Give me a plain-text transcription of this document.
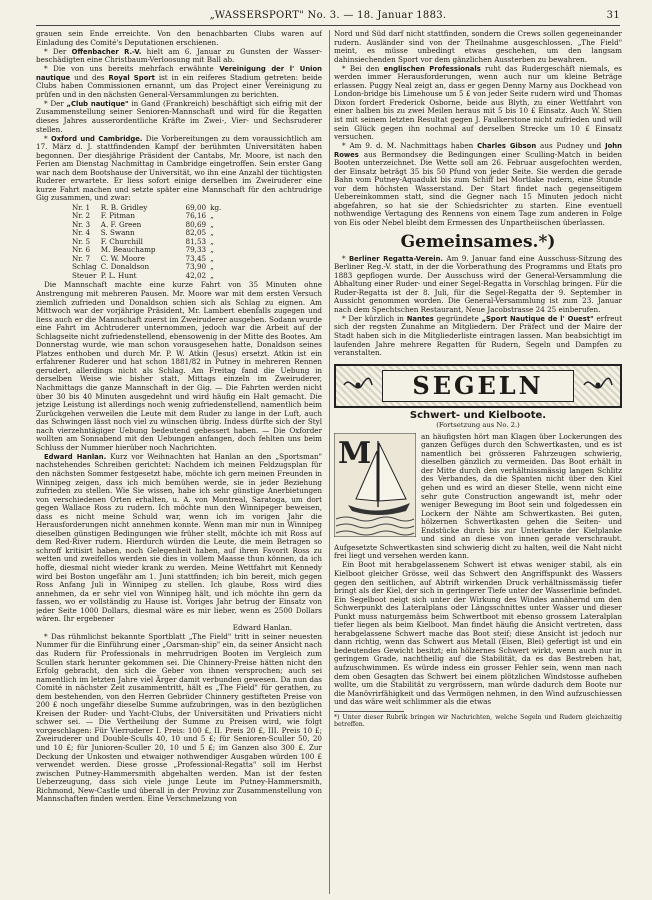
„WASSERSPORT" No. 3. — 18. Januar 1883.	31

grauen sein Ende erreichte. Von den benachbarten Clubs waren auf Einladung des Comité's Deputationen erschienen.

* Der Offenbacher R.-V. hielt am 6. Januar zu Gunsten der Wasser-beschädigten eine Christbaum-Verloosung mit Ball ab.

* Die von uns bereits mehrfach erwähnte Vereinigung der l' Union nautique und des Royal Sport ist in ein reiferes Stadium getreten: beide Clubs haben Commissionen ernannt, um das Project einer Vereinigung zu prüfen und in den nächsten General-Versammlungen zu berichten.

* Der „Club nautique" in Gand (Frankreich) beschäftigt sich eifrig mit der Zusammenstellung seiner Senioren-Mannschaft und wird für die Regatten dieses Jahres ausserordentliche Kräfte im Zwei-, Vier- und Sechsruderer stellen.

* Oxford und Cambridge. Die Vorbereitungen zu dem voraussichtlich am 17. März d. J. stattfindenden Kampf der berühmten Universitäten haben begonnen. Der diesjährige Präsident der Cantabs, Mr. Moore, ist nach den Ferien am Dienstag Nachmittag in Cambridge eingetroffen. Sein erster Gang war nach dem Bootshause der Universität, wo ihn eine Anzahl der tüchtigsten Ruderer erwartete. Er liess sofort einige derselben im Zweiruderer eine kurze Fahrt machen und setzte später eine Mannschaft für den achtrudrige Gig zusammen, und zwar:

Nr. 1	R. B. Gridley	69,00	kg.
Nr. 2	F. Pitman	76,16	„
Nr. 3	A. F. Green	80,69	„
Nr. 4	S. Swann	82,05	„
Nr. 5	F. Churchill	81,53	„
Nr. 6	M. Beauchamp	79,33	„
Nr. 7	C. W. Moore	73,45	„
Schlag	C. Donaldson	73,90	„
Steuer	P. L. Hunt	42,02	„

Die Mannschaft machte eine kurze Fahrt von 35 Minuten ohne Anstrengung mit mehreren Pausen. Mr. Moore war mit dem ersten Versuch ziemlich zufrieden und Donaldson schien sich als Schlag zu eignen. Am Mittwoch war der vorjährige Präsident, Mr. Lambert ebenfalls zugegen und liess auch er die Mannschaft zuerst im Zweiruderer ausgeben. Sodann wurde eine Fahrt im Achtruderer unternommen, jedoch war die Arbeit auf der Schlagseite nicht zufriedenstellend, ebensowenig in der Mitte des Bootes. Am Donnerstag wurde, wie man schon vorausgesehen hatte, Donaldson seines Platzes enthoben und durch Mr. P. W. Atkin (Jesus) ersetzt. Atkin ist ein erfahrener Ruderer und hat schon 1881/82 in Putney in mehreren Rennen gerudert, allerdings nicht als Schlag. Am Freitag fand die Uebung in derselben Weise wie bisher statt, Mittags einzeln im Zweiruderer, Nachmittags die ganze Mannschaft in der Gig. — Die Fahrten werden nicht über 30 bis 40 Minuten ausgedehnt und wird häufig ein Halt gemacht. Die jetzige Leistung ist allerdings noch wenig zufriedenstellend, namentlich beim Zurückgehen verweilen die Leute mit dem Ruder zu lange in der Luft, auch das Schwingen lässt noch viel zu wünschen übrig. Indess dürfte sich der Styl nach vierzehntägiger Uebung bedeutend gebessert haben. — Die Oxforder wollten am Sonnabend mit den Uebungen anfangen, doch fehlten uns beim Schluss der Nummer hierüber noch Nachrichten.

Edward Hanlan. Kurz vor Weihnachten hat Hanlan an den „Sportsman" nachstehendes Schreiben gerichtet: Nachdem ich meinen Feldzugsplan für den nächsten Sommer festgesetzt habe, möchte ich gern meinen Freunden in Winnipeg zeigen, dass ich mich bemühen werde, sie in jeder Beziehung zufrieden zu stellen. Wie Sie wissen, habe ich sehr günstige Anerbietungen von verschiedenen Orten erhalten, u. A. von Montreal, Saratoga, um dort gegen Wallace Ross zu rudern. Ich möchte nun den Winnipeger beweisen, dass es nicht meine Schuld war, wenn ich im vorigen Jahr die Herausforderungen nicht annehmen konnte. Wenn man mir nun in Winnipeg dieselben günstigen Bedingungen wie früher stellt, möchte ich mit Ross auf dem Red-River rudern. Hierdurch würden die Leute, die mein Betragen so schroff kritisirt haben, noch Gelegenheit haben, auf ihren Favorit Ross zu wetten und zweifellos werden sie dies in vollem Maasse thun können, da ich hoffe, diesmal nicht wieder krank zu werden. Meine Wettfahrt mit Kennedy wird bei Boston ungefähr am 1. Juni stattfinden; ich bin bereit, mich gegen Ross Anfang Juli in Winnipeg zu stellen. Ich glaube, Ross wird dies annehmen, da er sehr viel von Winnipeg hält, und ich möchte ihn gern da fassen, wo er vollständig zu Hause ist. Voriges Jahr betrug der Einsatz von jeder Seite 1000 Dollars, diesmal wäre es mir lieber, wenn es 2500 Dollars wären. Ihr ergebener

Edward Hanlan.

* Das rühmlichst bekannte Sportblatt „The Field" tritt in seiner neuesten Nummer für die Einführung einer „Oarsman-ship" ein, da seiner Ansicht nach das Rudern für Professionals in mehrrudrigen Booten im Vergleich zum Scullen stark herunter gekommen sei. Die Chinnery-Preise hätten nicht den Erfolg gebracht, den sich die Geber von ihnen versprochen; auch sei namentlich im letzten Jahre viel Ärger damit verbunden gewesen. Da nun das Comité in nächster Zeit zusammentritt, hält es „The Field" für gerathen, zu dem bestehenden, von den Herren Gebrüder Chinnery gestifteten Preise von 200 £ noch ungefähr dieselbe Summe aufzubringen, was in den bezüglichen Kreisen der Ruder- und Yacht-Clubs, der Universitäten und Privatiers nicht schwer sei. — Die Vertheilung der Summe zu Preisen wird, wie folgt vorgeschlagen: Für Vierruderer I. Preis: 100 £, II. Preis 20 £, III. Preis 10 £; Zweiruderer und Double-Sculls 40, 10 und 5 £; für Senioren-Sculler 50, 20 und 10 £; für Junioren-Sculler 20, 10 und 5 £; im Ganzen also 300 £. Zur Deckung der Unkosten und etwaiger nothwendiger Ausgaben würden 100 £ verwendet werden. Diese grosse „Professional-Regatta" soll im Herbst zwischen Putney-Hammersmith abgehalten werden. Man ist der festen Ueberzeugung, dass sich viele junge Leute im Putney-Hammersmith, Richmond, New-Castle und überall in der Provinz zur Zusammenstellung von Mannschaften finden werden. Eine Verschmelzung von

Nord und Süd darf nicht stattfinden, sondern die Crews sollen gegeneinander rudern. Ausländer sind von der Theilnahme ausgeschlossen. „The Field" meint, es müsse unbedingt etwas geschehen, um den langsam dahinsiechenden Sport vor dem gänzlichen Aussterben zu bewahren.

* Bei den englischen Professionals ruht das Rudergeschäft niemals, es werden immer Herausforderungen, wenn auch nur um kleine Beträge erlassen. Puggy Neal zeigt an, dass er gegen Denny Marny aus Dockhead von London-bridge bis Limehouse um 5 £ von jeder Seite rudern wird und Thomas Dixon fordert Frederick Osborne, beide aus Blyth, zu einer Wettfahrt von einer halben bis zu zwei Meilen heraus mit 5 bis 10 £ Einsatz. Auch W. Stien ist mit seinem letzten Resultat gegen J. Faulkerstone nicht zufrieden und will sein Glück gegen ihn nochmal auf derselben Strecke um 10 £ Einsatz versuchen.

* Am 9. d. M. Nachmittags haben Charles Gibson aus Pudney und John Rowes aus Bermondsey die Bedingungen einer Sculling-Match in beiden Booten unterzeichnet. Die Wette soll am 26. Februar ausgefochten werden, der Einsatz beträgt 35 bis 50 Pfund von jeder Seite. Sie werden die gerade Bahn vom Putney-Aquadukt bis zum Schiff bei Mortlake rudern, eine Stunde vor dem höchsten Wasserstand. Der Start findet nach gegenseitigem Uebereinkommen statt, sind die Gegner nach 15 Minuten jedoch nicht abgefahren, so hat sie der Schiedsrichter zu starten. Eine eventuell nothwendige Vertagung des Rennens von einem Tage zum anderen in Folge von Eis oder Nebel bleibt dem Ermessen des Unpartheiischen überlassen.

Gemeinsames.*)

* Berliner Regatta-Verein. Am 9. Januar fand eine Ausschuss-Sitzung des Berliner Reg.-V. statt, in der die Vorberathung des Programms und Etats pro 1883 gepflogen wurde. Der Ausschuss wird der General-Versammlung die Abhaltung einer Ruder- und einer Segel-Regatta in Vorschlag bringen. Für die Ruder-Regatta ist der 8. Juli, für die Segel-Regatta der 9. September in Aussicht genommen worden. Die General-Versammlung ist zum 23. Januar nach dem Spechtschen Restaurant, Neue Jacobstrasse 24 25 einberufen.

* Der kürzlich in Nantes gegründete „Sport Nautique de l' Ouest" erfreut sich der regsten Zunahme an Mitgliedern. Der Präfect und der Maire der Stadt haben sich in die Mitgliederliste eintragen lassen. Man beabsichtigt im laufenden Jahre mehrere Regatten für Rudern, Segeln und Dampfen zu veranstalten.

SEGELN
Schwert- und Kielboote.
(Fortsetzung aus No. 2.)
M	an häufigsten hört man Klagen über Lockerungen des ganzen Gefüges durch den Schwertkasten, und es ist namentlich bei grösseren Fahrzeugen schwierig, dieselben gänzlich zu vermeiden. Das Boot erhält in der Mitte durch den verhältnissmässig langen Schlitz des Verbandes, da die Spanten nicht über den Kiel gehen und es wird an dieser Stelle, wenn nicht eine sehr gute Construction angewandt ist, mehr oder weniger Bewegung im Boot sein und folgedessen ein Lockern der Nähte am Schwertkasten. Bei guten, hölzernen Schwertkasten gehen die Seiten- und Endstücke durch bis zur Unterkante der Kielplanke und sind an diese von innen gerade verschraubt. Aufgesetzte Schwertkasten sind schwierig dicht zu halten, weil die Naht nicht frei liegt und versehen werden kann.

Ein Boot mit herabgelassenem Schwert ist etwas weniger stabil, als ein Kielboot gleicher Grösse, weil das Schwert den Angriffspunkt des Wassers gegen den seitlichen, auf Abtrift wirkenden Druck verhältnissmässig tiefer bringt als der Kiel, der sich in geringerer Tiefe unter der Wasserlinie befindet. Ein Segelboot neigt sich unter der Wirkung des Windes annähernd um den Schwerpunkt des Lateralplans oder Längsschnittes unter Wasser und dieser Punkt muss naturgemäss beim Schwertboot mit ebenso grossem Lateralplan tiefer liegen als beim Kielboot. Man findet häufig die Ansicht vertreten, dass herabgelassene Schwert mache das Boot steif; diese Ansicht ist jedoch nur dann richtig, wenn das Schwert aus Metall (Eisen, Blei) gefertigt ist und ein bedeutendes Gewicht besitzt; ein hölzernes Schwert wirkt, wenn auch nur in geringem Grade, nachtheilig auf die Stabilität, da es das Bestreben hat, aufzuschwimmen. Es würde indess ein grosser Fehler sein, wenn man nach dem oben Gesagten das Schwert bei einem plötzlichen Windstosse aufheben wollte, um die Stabilität zu vergrössern, man würde dadurch dem Boote nur die Manövrirfähigkeit und das Vermögen nehmen, in den Wind aufzuschiessen und das wäre weit schlimmer als die etwas

*) Unter dieser Rubrik bringen wir Nachrichten, welche Segeln und Rudern gleichzeitig betreffen.
